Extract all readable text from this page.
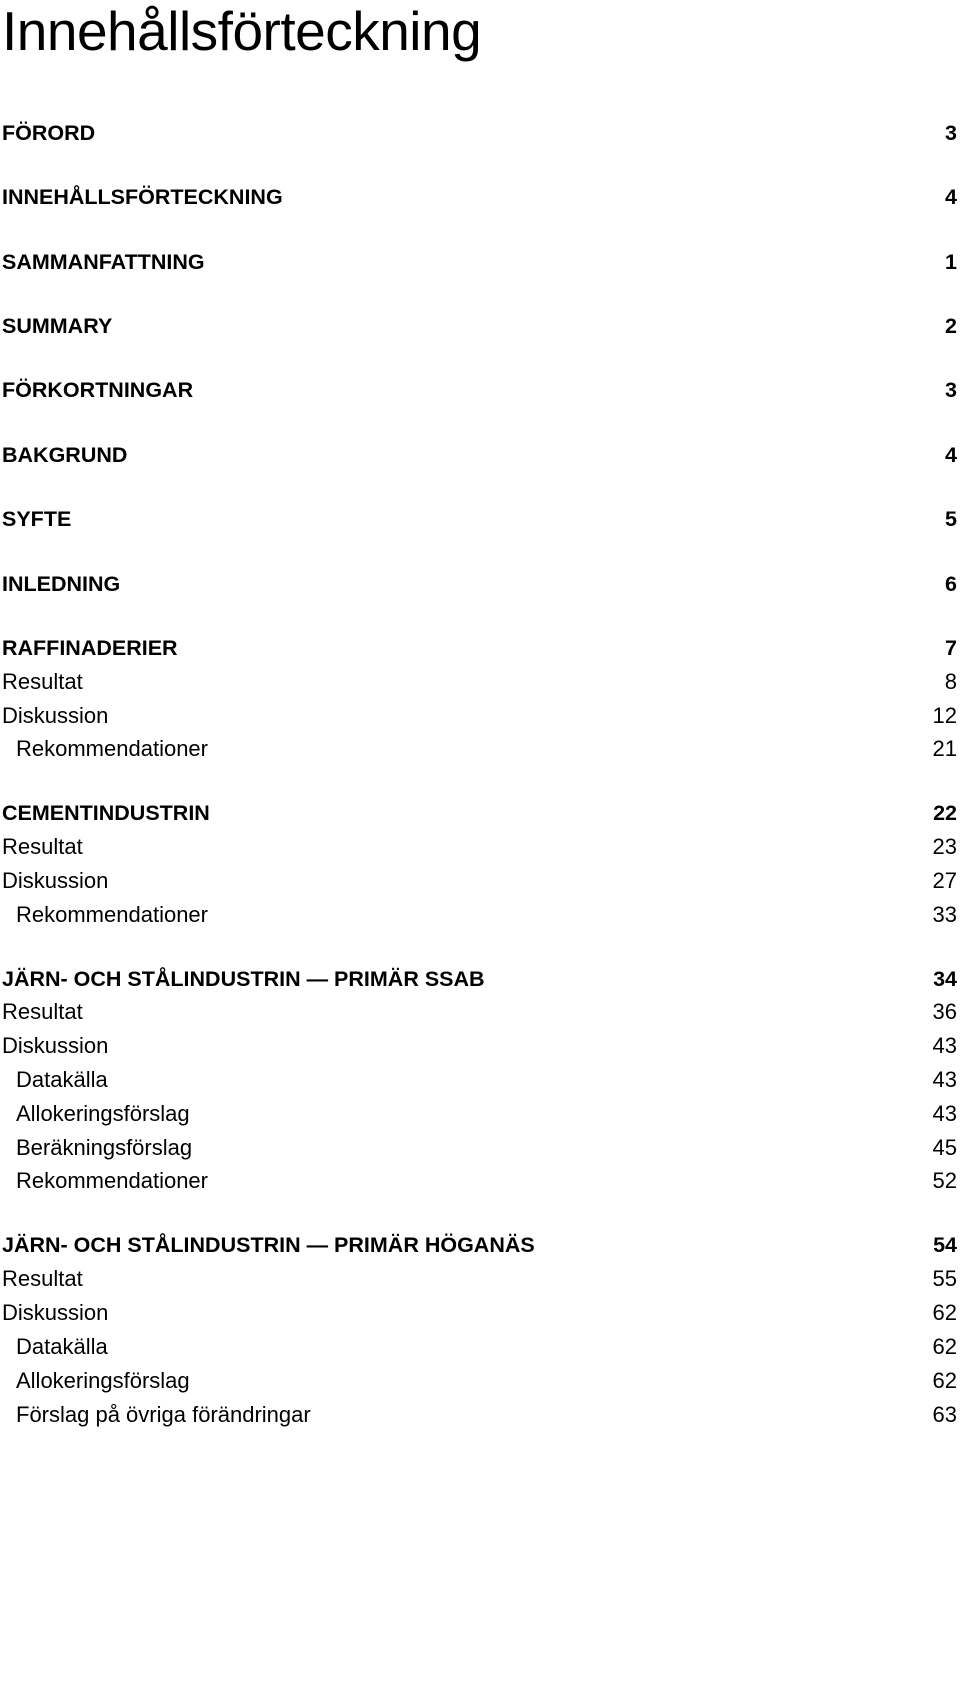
Innehållsförteckning
FÖRORD	3
INNEHÅLLSFÖRTECKNING	4
SAMMANFATTNING	1
SUMMARY	2
FÖRKORTNINGAR	3
BAKGRUND	4
SYFTE	5
INLEDNING	6
RAFFINADERIER	7
Resultat	8
Diskussion	12
Rekommendationer	21
CEMENTINDUSTRIN	22
Resultat	23
Diskussion	27
Rekommendationer	33
JÄRN- OCH STÅLINDUSTRIN — PRIMÄR SSAB	34
Resultat	36
Diskussion	43
Datakälla	43
Allokeringsförslag	43
Beräkningsförslag	45
Rekommendationer	52
JÄRN- OCH STÅLINDUSTRIN — PRIMÄR HÖGANÄS	54
Resultat	55
Diskussion	62
Datakälla	62
Allokeringsförslag	62
Förslag på övriga förändringar	63
